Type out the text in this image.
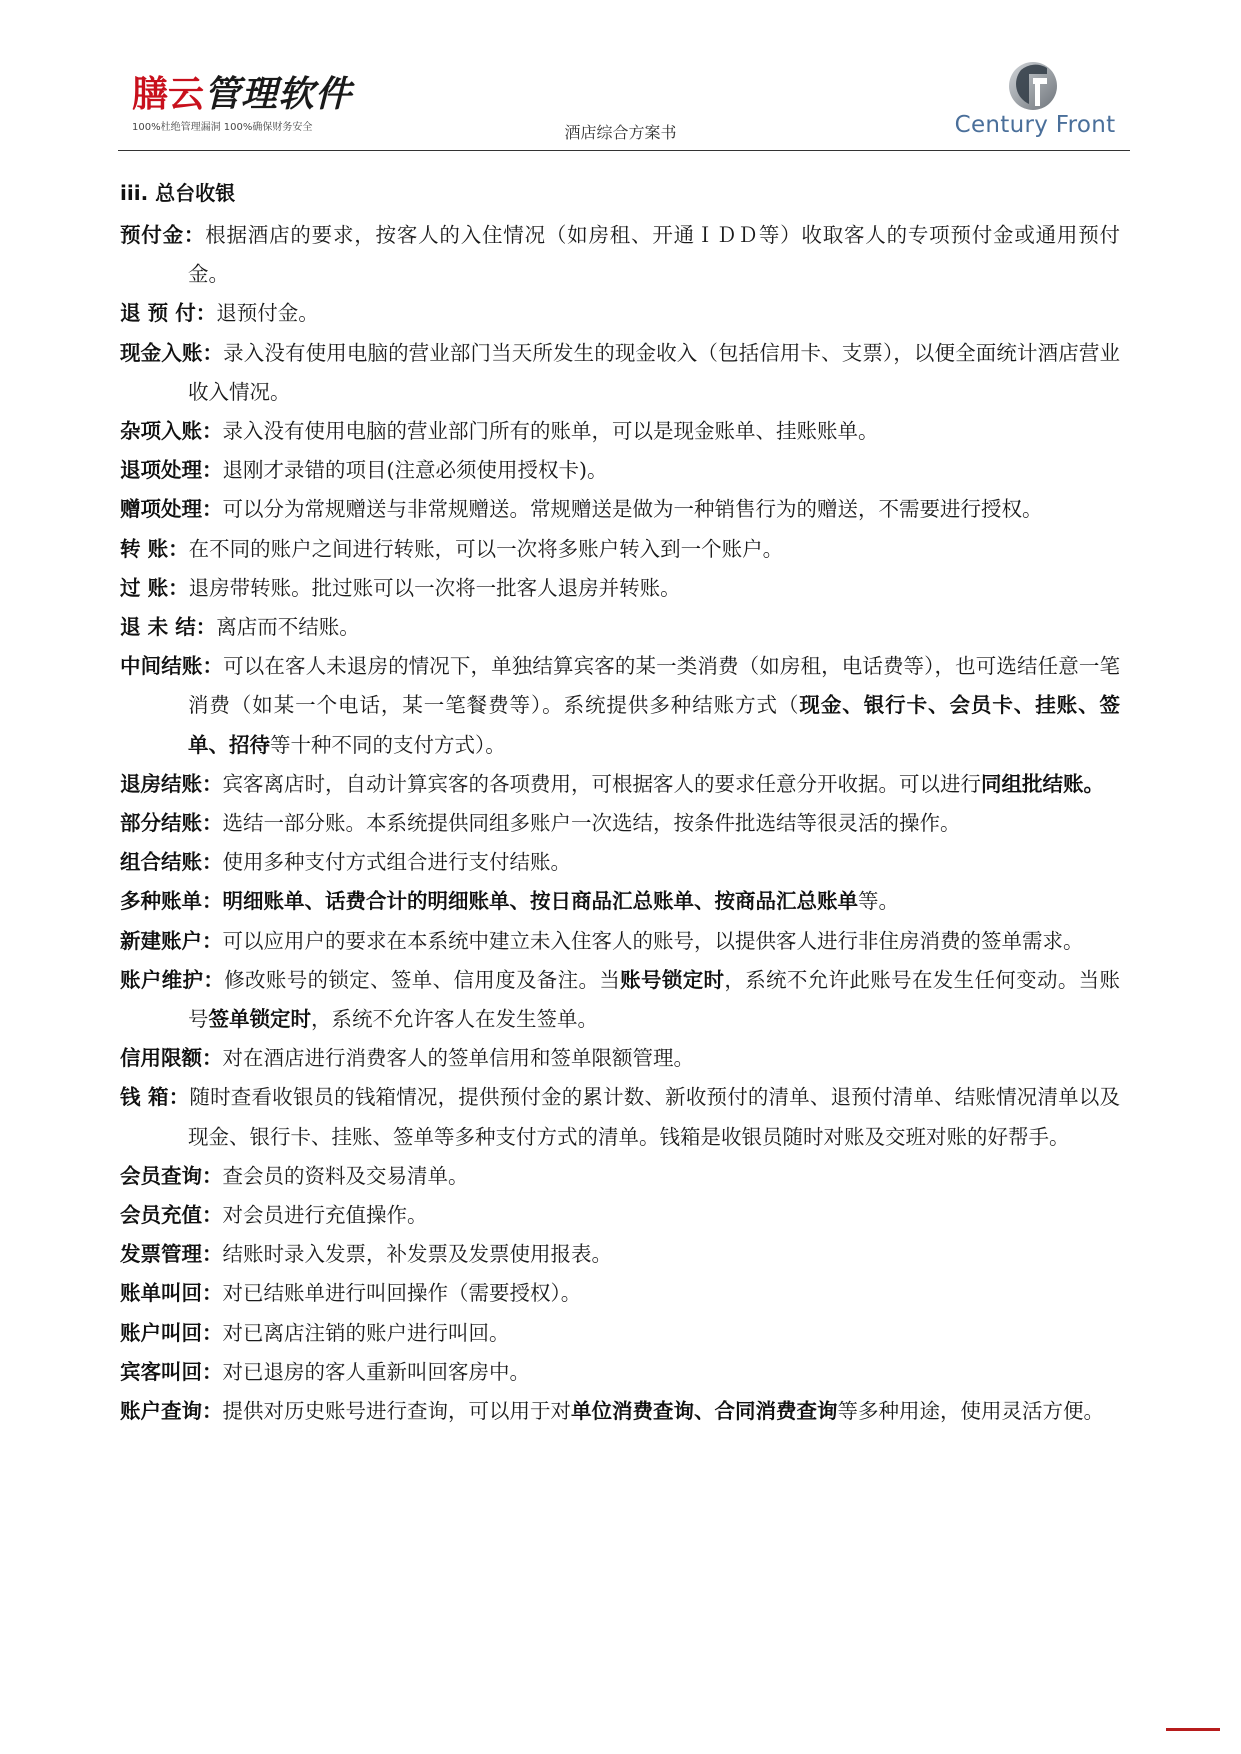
膳云管理软件
100%杜绝管理漏洞 100%确保财务安全	酒店综合方案书	Century Front
iii. 总台收银
预付金：根据酒店的要求，按客人的入住情况（如房租、开通ＩＤＤ等）收取客人的专项预付金或通用预付金。
退 预 付：退预付金。
现金入账：录入没有使用电脑的营业部门当天所发生的现金收入（包括信用卡、支票），以便全面统计酒店营业收入情况。
杂项入账：录入没有使用电脑的营业部门所有的账单，可以是现金账单、挂账账单。
退项处理：退刚才录错的项目(注意必须使用授权卡)。
赠项处理：可以分为常规赠送与非常规赠送。常规赠送是做为一种销售行为的赠送，不需要进行授权。
转 账：在不同的账户之间进行转账，可以一次将多账户转入到一个账户。
过 账：退房带转账。批过账可以一次将一批客人退房并转账。
退 未 结：离店而不结账。
中间结账：可以在客人未退房的情况下，单独结算宾客的某一类消费（如房租，电话费等），也可选结任意一笔消费（如某一个电话，某一笔餐费等）。系统提供多种结账方式（现金、银行卡、会员卡、挂账、签单、招待等十种不同的支付方式）。
退房结账：宾客离店时，自动计算宾客的各项费用，可根据客人的要求任意分开收据。可以进行同组批结账。
部分结账：选结一部分账。本系统提供同组多账户一次选结，按条件批选结等很灵活的操作。
组合结账：使用多种支付方式组合进行支付结账。
多种账单：明细账单、话费合计的明细账单、按日商品汇总账单、按商品汇总账单等。
新建账户：可以应用户的要求在本系统中建立未入住客人的账号，以提供客人进行非住房消费的签单需求。
账户维护：修改账号的锁定、签单、信用度及备注。当账号锁定时，系统不允许此账号在发生任何变动。当账号签单锁定时，系统不允许客人在发生签单。
信用限额：对在酒店进行消费客人的签单信用和签单限额管理。
钱 箱：随时查看收银员的钱箱情况，提供预付金的累计数、新收预付的清单、退预付清单、结账情况清单以及现金、银行卡、挂账、签单等多种支付方式的清单。钱箱是收银员随时对账及交班对账的好帮手。
会员查询：查会员的资料及交易清单。
会员充值：对会员进行充值操作。
发票管理：结账时录入发票，补发票及发票使用报表。
账单叫回：对已结账单进行叫回操作（需要授权）。
账户叫回：对已离店注销的账户进行叫回。
宾客叫回：对已退房的客人重新叫回客房中。
账户查询：提供对历史账号进行查询，可以用于对单位消费查询、合同消费查询等多种用途，使用灵活方便。
